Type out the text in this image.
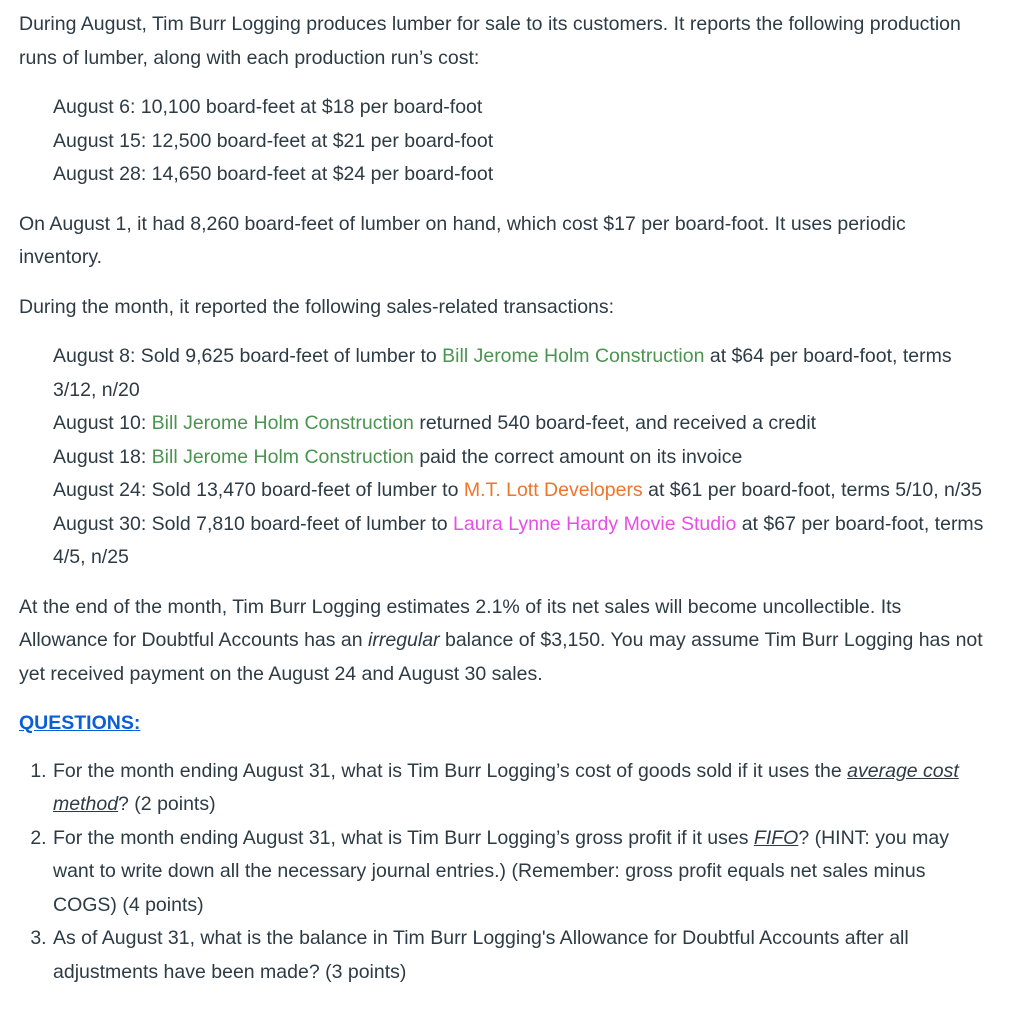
During August, Tim Burr Logging produces lumber for sale to its customers. It reports the following production runs of lumber, along with each production run’s cost:

August 6: 10,100 board-feet at $18 per board-foot

August 15: 12,500 board-feet at $21 per board-foot

August 28: 14,650 board-feet at $24 per board-foot

On August 1, it had 8,260 board-feet of lumber on hand, which cost $17 per board-foot. It uses periodic inventory.

During the month, it reported the following sales-related transactions:

August 8: Sold 9,625 board-feet of lumber to Bill Jerome Holm Construction at $64 per board-foot, terms 3/12, n/20

August 10: Bill Jerome Holm Construction returned 540 board-feet, and received a credit

August 18: Bill Jerome Holm Construction paid the correct amount on its invoice

August 24: Sold 13,470 board-feet of lumber to M.T. Lott Developers at $61 per board-foot, terms 5/10, n/35

August 30: Sold 7,810 board-feet of lumber to Laura Lynne Hardy Movie Studio at $67 per board-foot, terms 4/5, n/25

At the end of the month, Tim Burr Logging estimates 2.1% of its net sales will become uncollectible. Its Allowance for Doubtful Accounts has an irregular balance of $3,150. You may assume Tim Burr Logging has not yet received payment on the August 24 and August 30 sales.

QUESTIONS:

1. For the month ending August 31, what is Tim Burr Logging’s cost of goods sold if it uses the average cost method? (2 points)
2. For the month ending August 31, what is Tim Burr Logging’s gross profit if it uses FIFO? (HINT: you may want to write down all the necessary journal entries.) (Remember: gross profit equals net sales minus COGS) (4 points)
3. As of August 31, what is the balance in Tim Burr Logging's Allowance for Doubtful Accounts after all adjustments have been made? (3 points)
